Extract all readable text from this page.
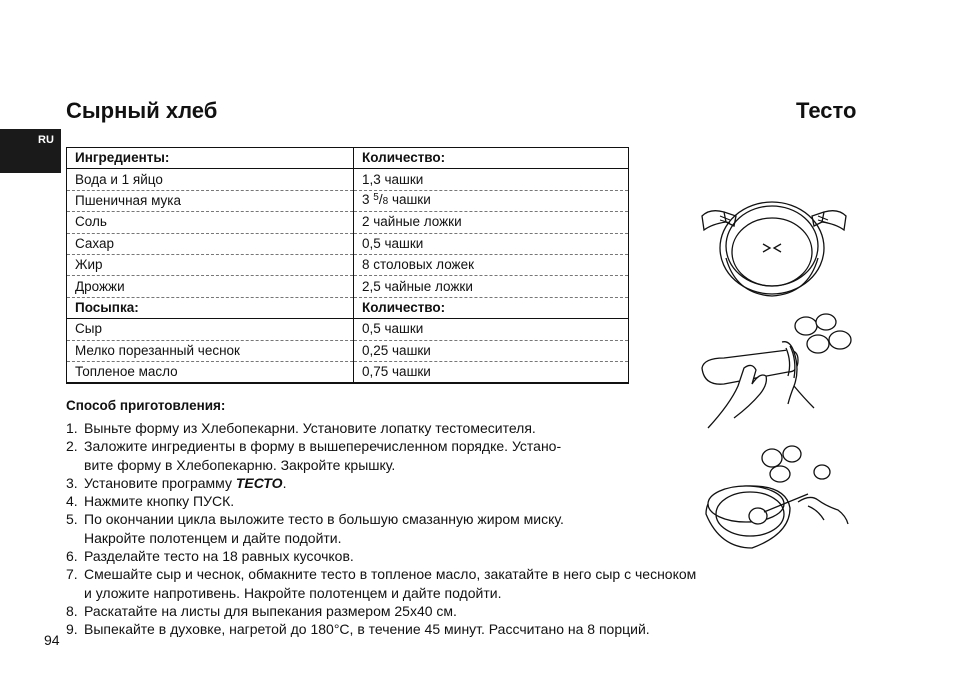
Сырный хлеб	Тесто
RU
Ингредиенты:	Количество:
Вода и 1 яйцо	1,3 чашки
Пшеничная мука	3 $^5$/8 чашки
Соль	2 чайные ложки
Сахар	0,5 чашки
Жир	8 столовых ложек
Дрожжи	2,5 чайные ложки
Посыпка:	Количество:
Сыр	0,5 чашки
Мелко порезанный чеснок	0,25 чашки
Топленое масло	0,75 чашки
Способ приготовления:
1. Выньте форму из Хлебопекарни. Установите лопатку тестомесителя.
2. Заложите ингредиенты в форму в вышеперечисленном порядке. Устано-
вите форму в Хлебопекарню. Закройте крышку.
3. Установите программу ТЕСТО.
4. Нажмите кнопку ПУСК.
5. По окончании цикла выложите тесто в большую смазанную жиром миску.
Накройте полотенцем и дайте подойти.
6. Разделайте тесто на 18 равных кусочков.
7. Смешайте сыр и чеснок, обмакните тесто в топленое масло, закатайте в него сыр с чесноком
и уложите напротивень. Накройте полотенцем и дайте подойти.
8. Раскатайте на листы для выпекания размером 25x40 см.
9. Выпекайте в духовке, нагретой до 180°C, в течение 45 минут. Рассчитано на 8 порций.
94
